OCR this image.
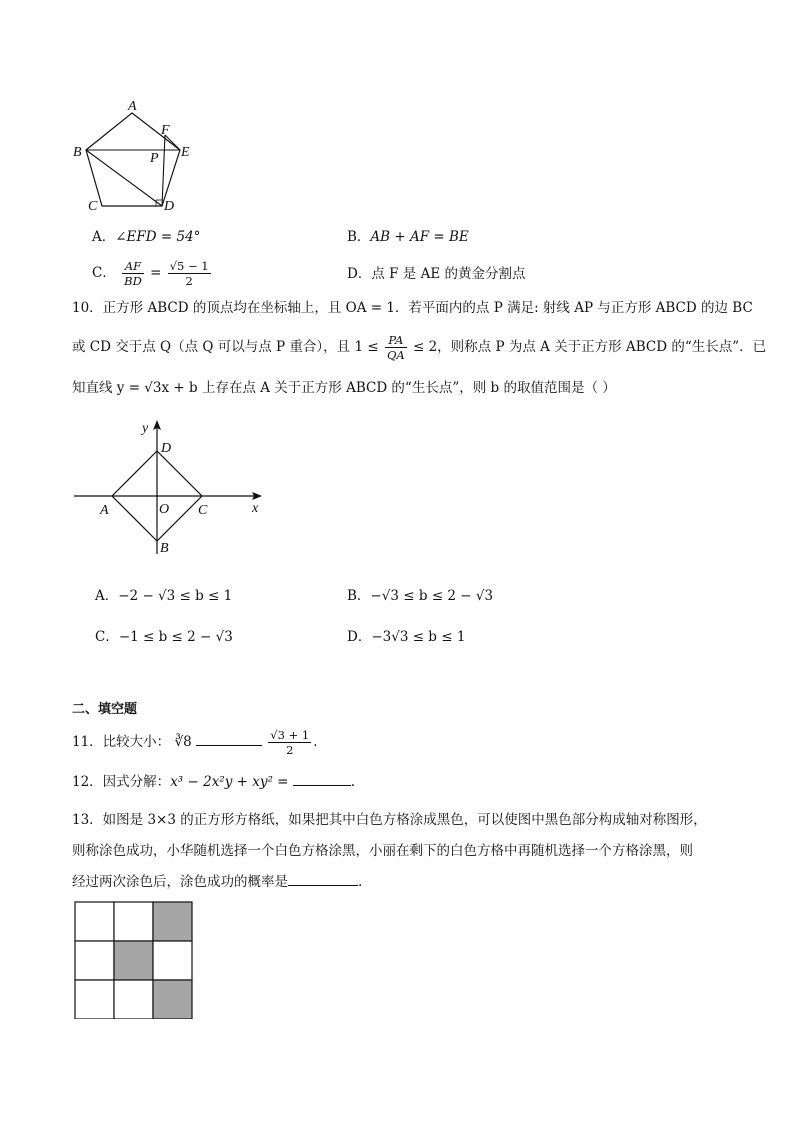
A
F
B	E
P
C	D
A．∠EFD = 54°	B．AB + AF = BE
C． $\frac{AF}{BD} = \frac{√5 - 1}{2}$	D．点 F 是 AE 的黄金分割点
10．正方形 ABCD 的顶点均在坐标轴上，且 OA = 1．若平面内的点 P 满足: 射线 AP 与正方形 ABCD 的边 BC
或 CD 交于点 Q（点 Q 可以与点 P 重合），且 $1 \le \frac{PA}{QA} \le 2$，则称点 P 为点 A 关于正方形 ABCD 的“生长点”．已
知直线 y = √3x + b 上存在点 A 关于正方形 ABCD 的“生长点”，则 b 的取值范围是（ ）
y
x
D
A	O C
B
A．−2 − √3 ≤ b ≤ 1	B．−√3 ≤ b ≤ 2 − √3
C．−1 ≤ b ≤ 2 − √3	D．−3√3 ≤ b ≤ 1
二、填空题
11．比较大小： ∛8	$\frac{√3 + 1}{2}$ .
12．因式分解：x³ − 2x²y + xy² =	.
13．如图是 3×3 的正方形方格纸，如果把其中白色方格涂成黑色，可以使图中黑色部分构成轴对称图形，
则称涂色成功，小华随机选择一个白色方格涂黑，小丽在剩下的白色方格中再随机选择一个方格涂黑，则
经过两次涂色后，涂色成功的概率是	.
